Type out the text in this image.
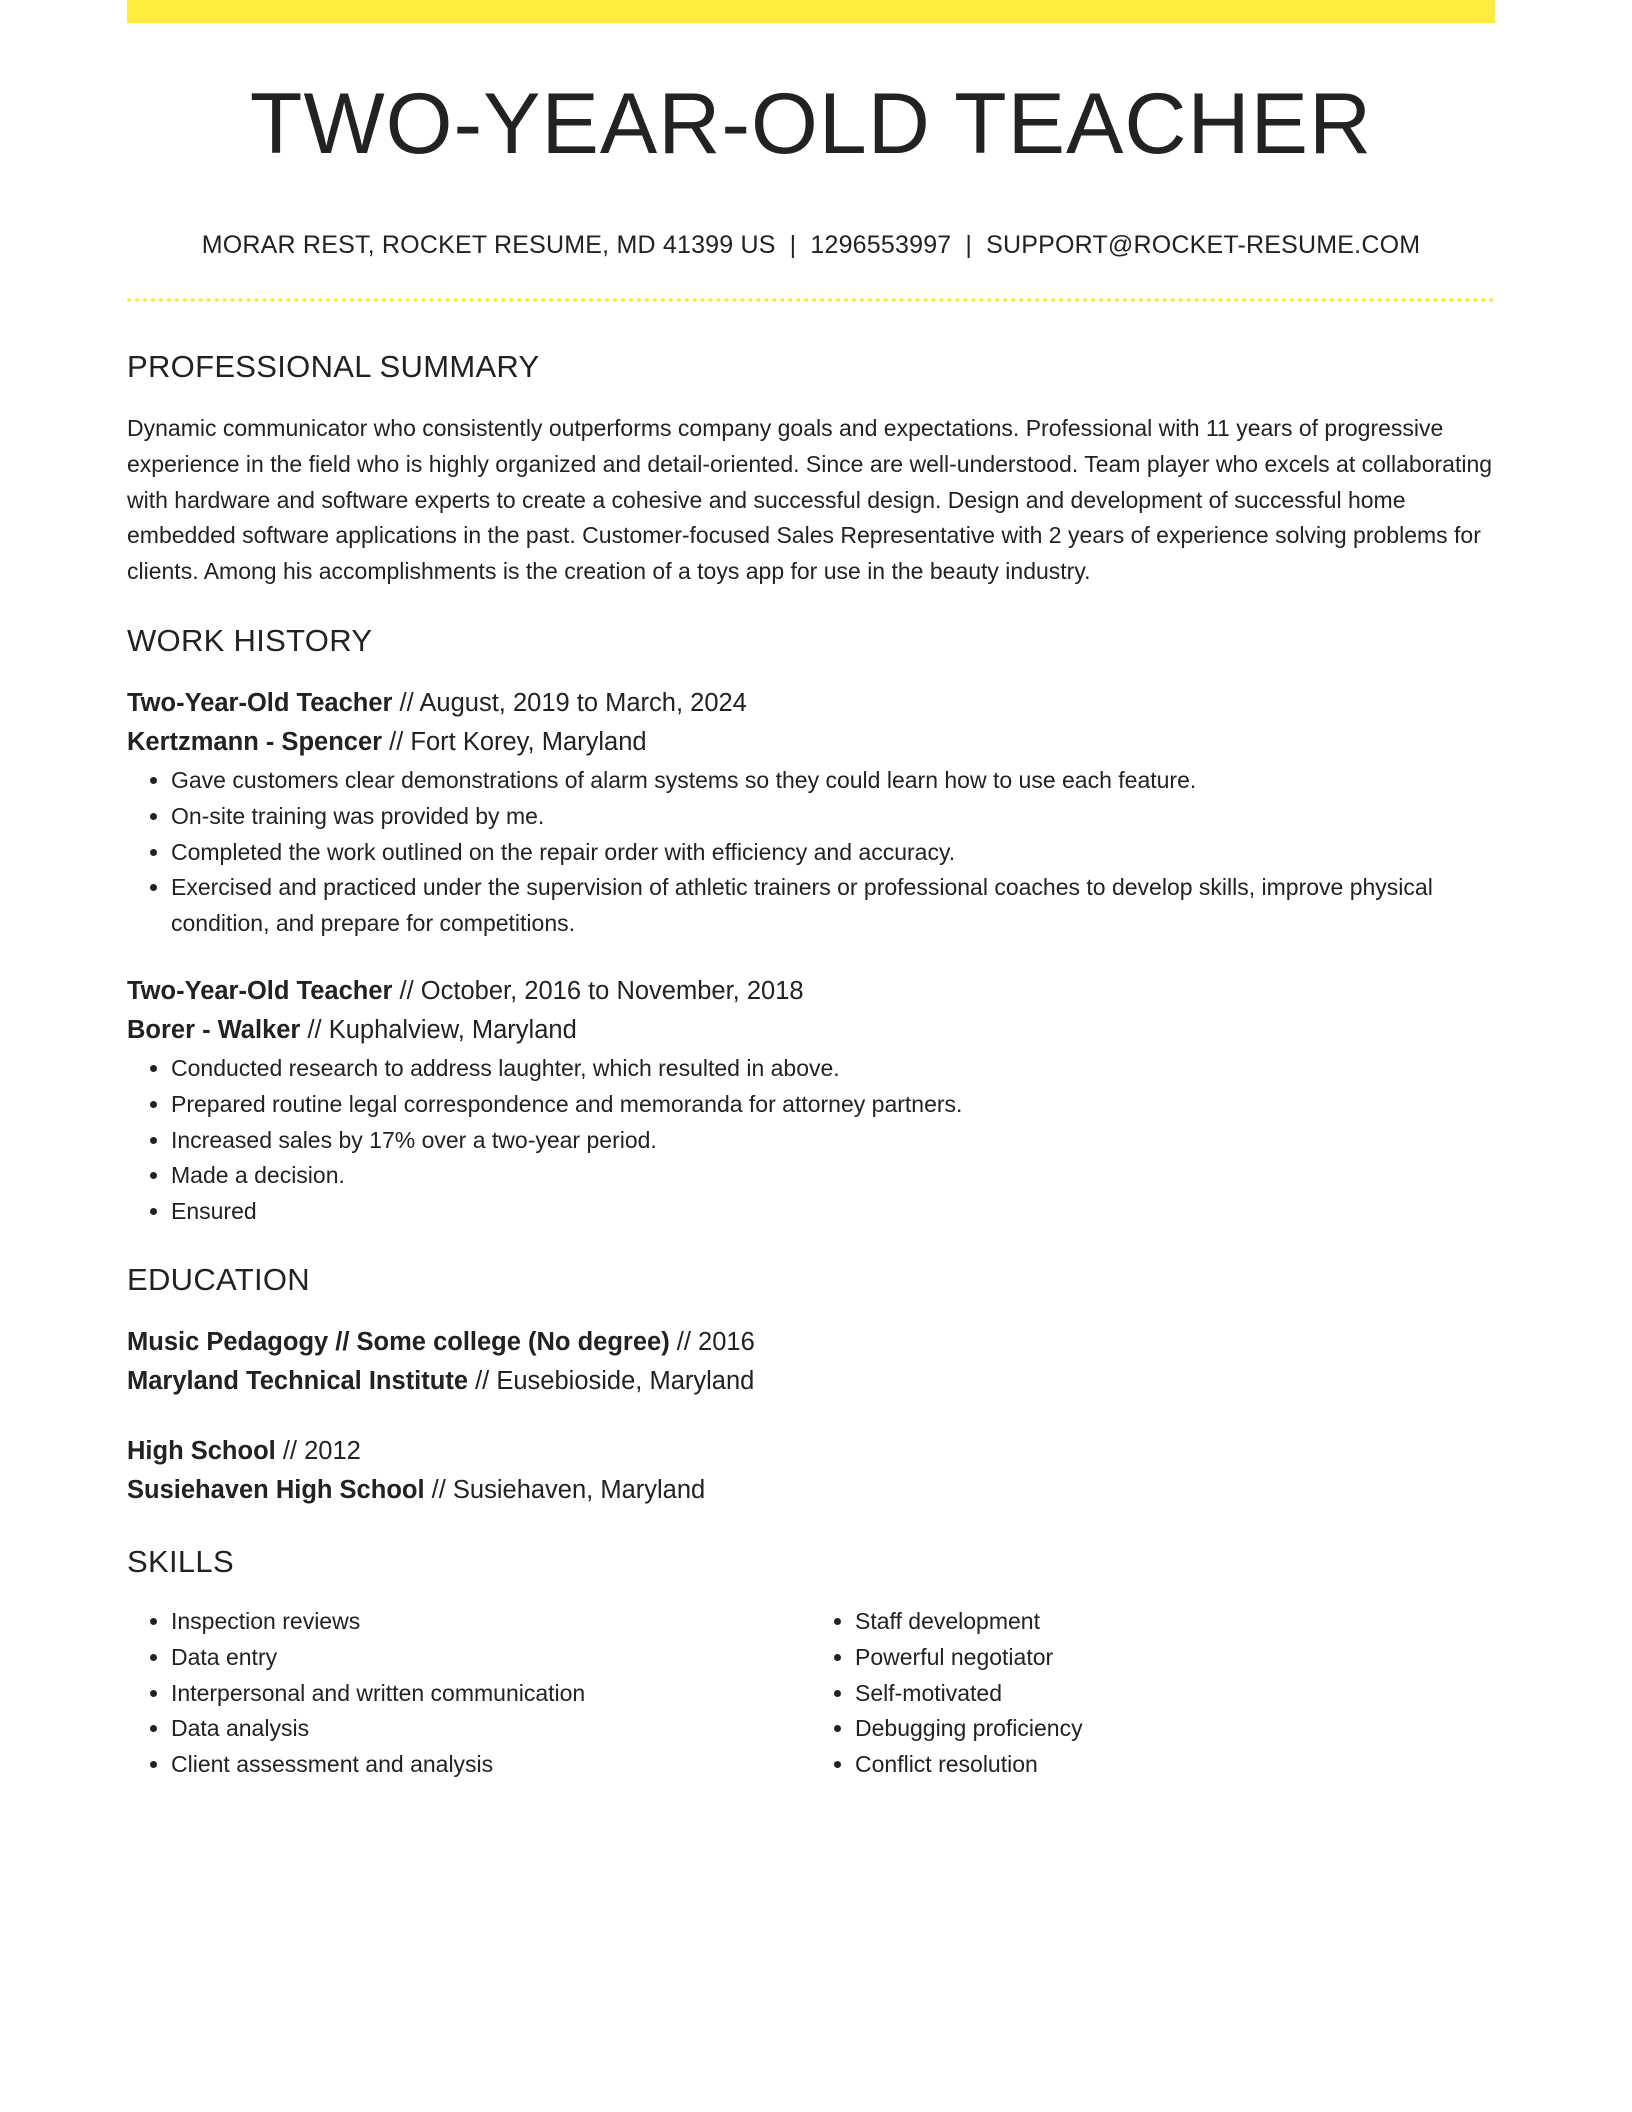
TWO-YEAR-OLD TEACHER
MORAR REST, ROCKET RESUME, MD 41399 US | 1296553997 | SUPPORT@ROCKET-RESUME.COM
PROFESSIONAL SUMMARY
Dynamic communicator who consistently outperforms company goals and expectations. Professional with 11 years of progressive experience in the field who is highly organized and detail-oriented. Since are well-understood. Team player who excels at collaborating with hardware and software experts to create a cohesive and successful design. Design and development of successful home embedded software applications in the past. Customer-focused Sales Representative with 2 years of experience solving problems for clients. Among his accomplishments is the creation of a toys app for use in the beauty industry.
WORK HISTORY
Two-Year-Old Teacher // August, 2019 to March, 2024
Kertzmann - Spencer // Fort Korey, Maryland
• Gave customers clear demonstrations of alarm systems so they could learn how to use each feature.
• On-site training was provided by me.
• Completed the work outlined on the repair order with efficiency and accuracy.
• Exercised and practiced under the supervision of athletic trainers or professional coaches to develop skills, improve physical condition, and prepare for competitions.
Two-Year-Old Teacher // October, 2016 to November, 2018
Borer - Walker // Kuphalview, Maryland
• Conducted research to address laughter, which resulted in above.
• Prepared routine legal correspondence and memoranda for attorney partners.
• Increased sales by 17% over a two-year period.
• Made a decision.
• Ensured
EDUCATION
Music Pedagogy // Some college (No degree) // 2016
Maryland Technical Institute // Eusebioside, Maryland
High School // 2012
Susiehaven High School // Susiehaven, Maryland
SKILLS
• Inspection reviews
• Data entry
• Interpersonal and written communication
• Data analysis
• Client assessment and analysis
• Staff development
• Powerful negotiator
• Self-motivated
• Debugging proficiency
• Conflict resolution
